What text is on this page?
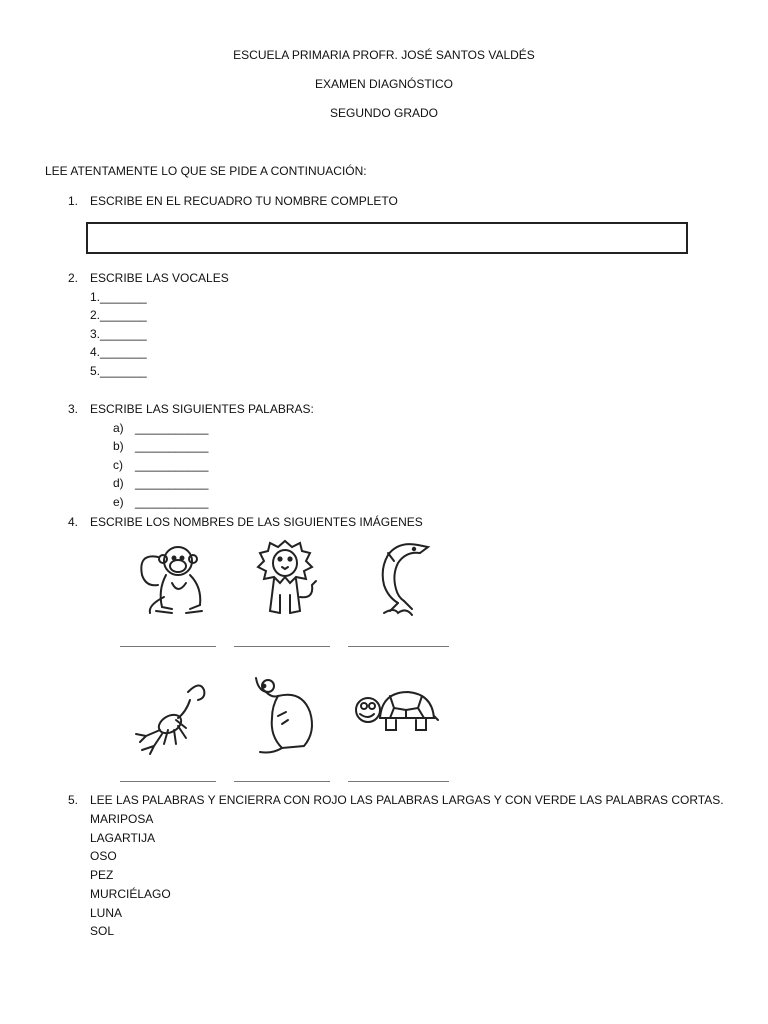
ESCUELA PRIMARIA PROFR. JOSÉ SANTOS VALDÉS
EXAMEN DIAGNÓSTICO
SEGUNDO GRADO
LEE ATENTAMENTE LO QUE SE PIDE A CONTINUACIÓN:
1. ESCRIBE EN EL RECUADRO TU NOMBRE COMPLETO
2. ESCRIBE LAS VOCALES
1._______
2._______
3._______
4._______
5._______
3. ESCRIBE LAS SIGUIENTES PALABRAS:
a) ___________
b) ___________
c) ___________
d) ___________
e) ___________
4. ESCRIBE LOS NOMBRES DE LAS SIGUIENTES IMÁGENES
5. LEE LAS PALABRAS Y ENCIERRA CON ROJO LAS PALABRAS LARGAS Y CON VERDE LAS PALABRAS CORTAS.
MARIPOSA
LAGARTIJA
OSO
PEZ
MURCIÉLAGO
LUNA
SOL
